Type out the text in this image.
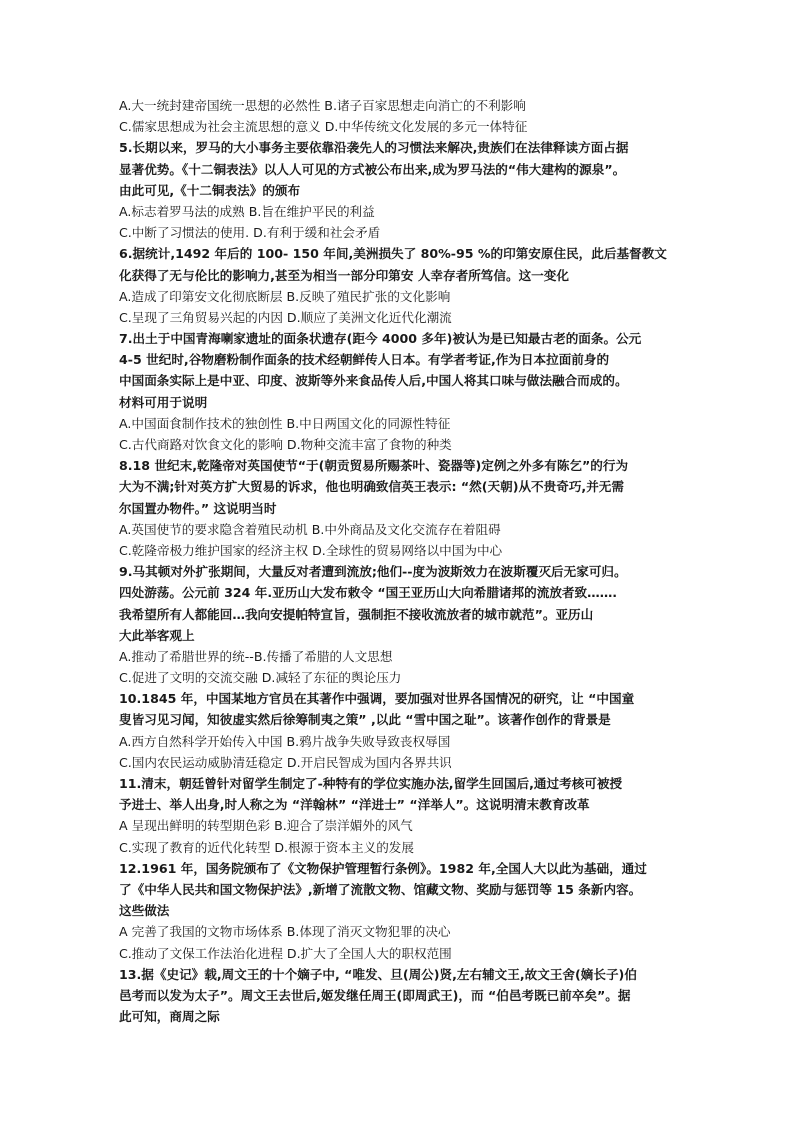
A.大一统封建帝国统一思想的必然性 B.诸子百家思想走向消亡的不利影响
C.儒家思想成为社会主流思想的意义 D.中华传统文化发展的多元一体特征
5.长期以来，罗马的大小事务主要依靠沿袭先人的习惯法来解决,贵族们在法律释读方面占据
显著优势。《十二铜表法》以人人可见的方式被公布出来,成为罗马法的“伟大建构的源泉”。
由此可见,《十二铜表法》的颁布
A.标志着罗马法的成熟 B.旨在维护平民的利益
C.中断了习惯法的使用. D.有利于缓和社会矛盾
6.据统计,1492 年后的 100- 150 年间,美洲损失了 80%-95 %的印第安原住民，此后基督教文
化获得了无与伦比的影响力,甚至为相当一部分印第安 人幸存者所笃信。这一变化
A.造成了印第安文化彻底断层 B.反映了殖民扩张的文化影响
C.呈现了三角贸易兴起的内因 D.顺应了美洲文化近代化潮流
7.出土于中国青海喇家遗址的面条状遗存(距今 4000 多年)被认为是已知最古老的面条。公元
4-5 世纪时,谷物磨粉制作面条的技术经朝鲜传人日本。有学者考证,作为日本拉面前身的
中国面条实际上是中亚、印度、波斯等外来食品传人后,中国人将其口味与做法融合而成的。
材料可用于说明
A.中国面食制作技术的独创性 B.中日两国文化的同源性特征
C.古代商路对饮食文化的影响 D.物种交流丰富了食物的种类
8.18 世纪末,乾隆帝对英国使节“于(朝贡贸易所赐茶叶、瓷器等)定例之外多有陈乞”的行为
大为不满;针对英方扩大贸易的诉求，他也明确致信英王表示: “然(天朝)从不贵奇巧,并无需
尔国置办物件。” 这说明当时
A.英国使节的要求隐含着殖民动机 B.中外商品及文化交流存在着阻碍
C.乾隆帝极力维护国家的经济主权 D.全球性的贸易网络以中国为中心
9.马其顿对外扩张期间，大量反对者遭到流放;他们--度为波斯效力在波斯覆灭后无家可归。
四处游荡。公元前 324 年.亚历山大发布敕令 “国王亚历山大向希腊诸邦的流放者致…….
我希望所有人都能回…我向安提帕特宣旨，强制拒不接收流放者的城市就范”。亚历山
大此举客观上
A.推动了希腊世界的统--B.传播了希腊的人文思想
C.促进了文明的交流交融 D.减轻了东征的舆论压力
10.1845 年，中国某地方官员在其著作中强调，要加强对世界各国情况的研究，让 “中国童
叟皆习见习闻，知彼虚实然后徐筹制夷之策” ,以此 “雪中国之耻”。该著作创作的背景是
A.西方自然科学开始传入中国 B.鸦片战争失败导致丧权辱国
C.国内农民运动威胁清廷稳定 D.开启民智成为国内各界共识
11.清末，朝廷曾针对留学生制定了-种特有的学位实施办法,留学生回国后,通过考核可被授
予进士、举人出身,时人称之为 “洋翰林” “洋进士” “洋举人”。这说明清末教育改革
A 呈现出鲜明的转型期色彩 B.迎合了崇洋媚外的风气
C.实现了教育的近代化转型 D.根源于资本主义的发展
12.1961 年，国务院颁布了《文物保护管理暂行条例》。1982 年,全国人大以此为基础，通过
了《中华人民共和国文物保护法》,新增了流散文物、馆藏文物、奖励与惩罚等 15 条新内容。
这些做法
A 完善了我国的文物市场体系 B.体现了消灭文物犯罪的决心
C.推动了文保工作法治化进程 D.扩大了全国人大的职权范围
13.据《史记》载,周文王的十个嫡子中, “唯发、旦(周公)贤,左右辅文王,故文王舍(嫡长子)伯
邑考而以发为太子”。周文王去世后,姬发继任周王(即周武王)，而 “伯邑考既已前卒矣”。据
此可知，商周之际
